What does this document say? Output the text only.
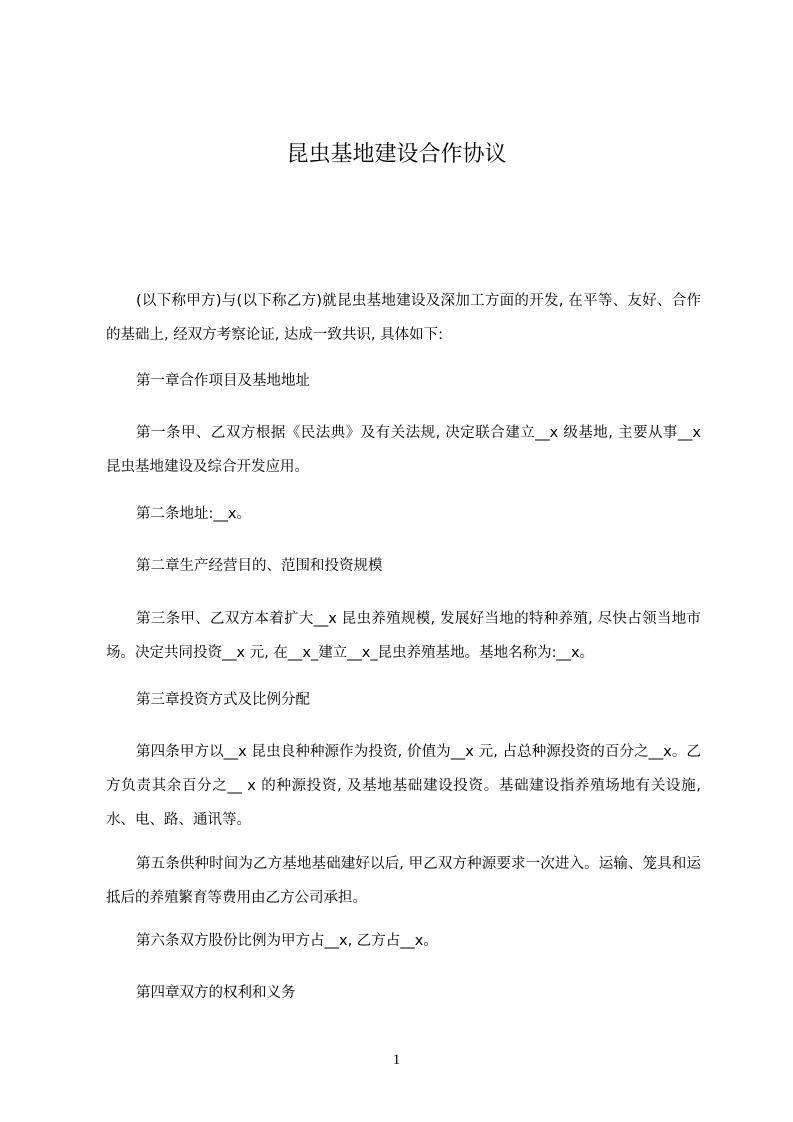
昆虫基地建设合作协议

(以下称甲方)与(以下称乙方)就昆虫基地建设及深加工方面的开发, 在平等、友好、合作的基础上, 经双方考察论证, 达成一致共识, 具体如下:

第一章合作项目及基地地址

第一条甲、乙双方根据《民法典》及有关法规, 决定联合建立__x 级基地, 主要从事__x 昆虫基地建设及综合开发应用。

第二条地址:__x。

第二章生产经营目的、范围和投资规模

第三条甲、乙双方本着扩大__x 昆虫养殖规模, 发展好当地的特种养殖, 尽快占领当地市场。决定共同投资__x 元, 在__x_建立__x_昆虫养殖基地。基地名称为:__x。

第三章投资方式及比例分配

第四条甲方以__x 昆虫良种种源作为投资, 价值为__x 元, 占总种源投资的百分之__x。乙方负责其余百分之__ x 的种源投资, 及基地基础建设投资。基础建设指养殖场地有关设施, 水、电、路、通讯等。

第五条供种时间为乙方基地基础建好以后, 甲乙双方种源要求一次进入。运输、笼具和运抵后的养殖繁育等费用由乙方公司承担。

第六条双方股份比例为甲方占__x, 乙方占__x。

第四章双方的权利和义务

1
